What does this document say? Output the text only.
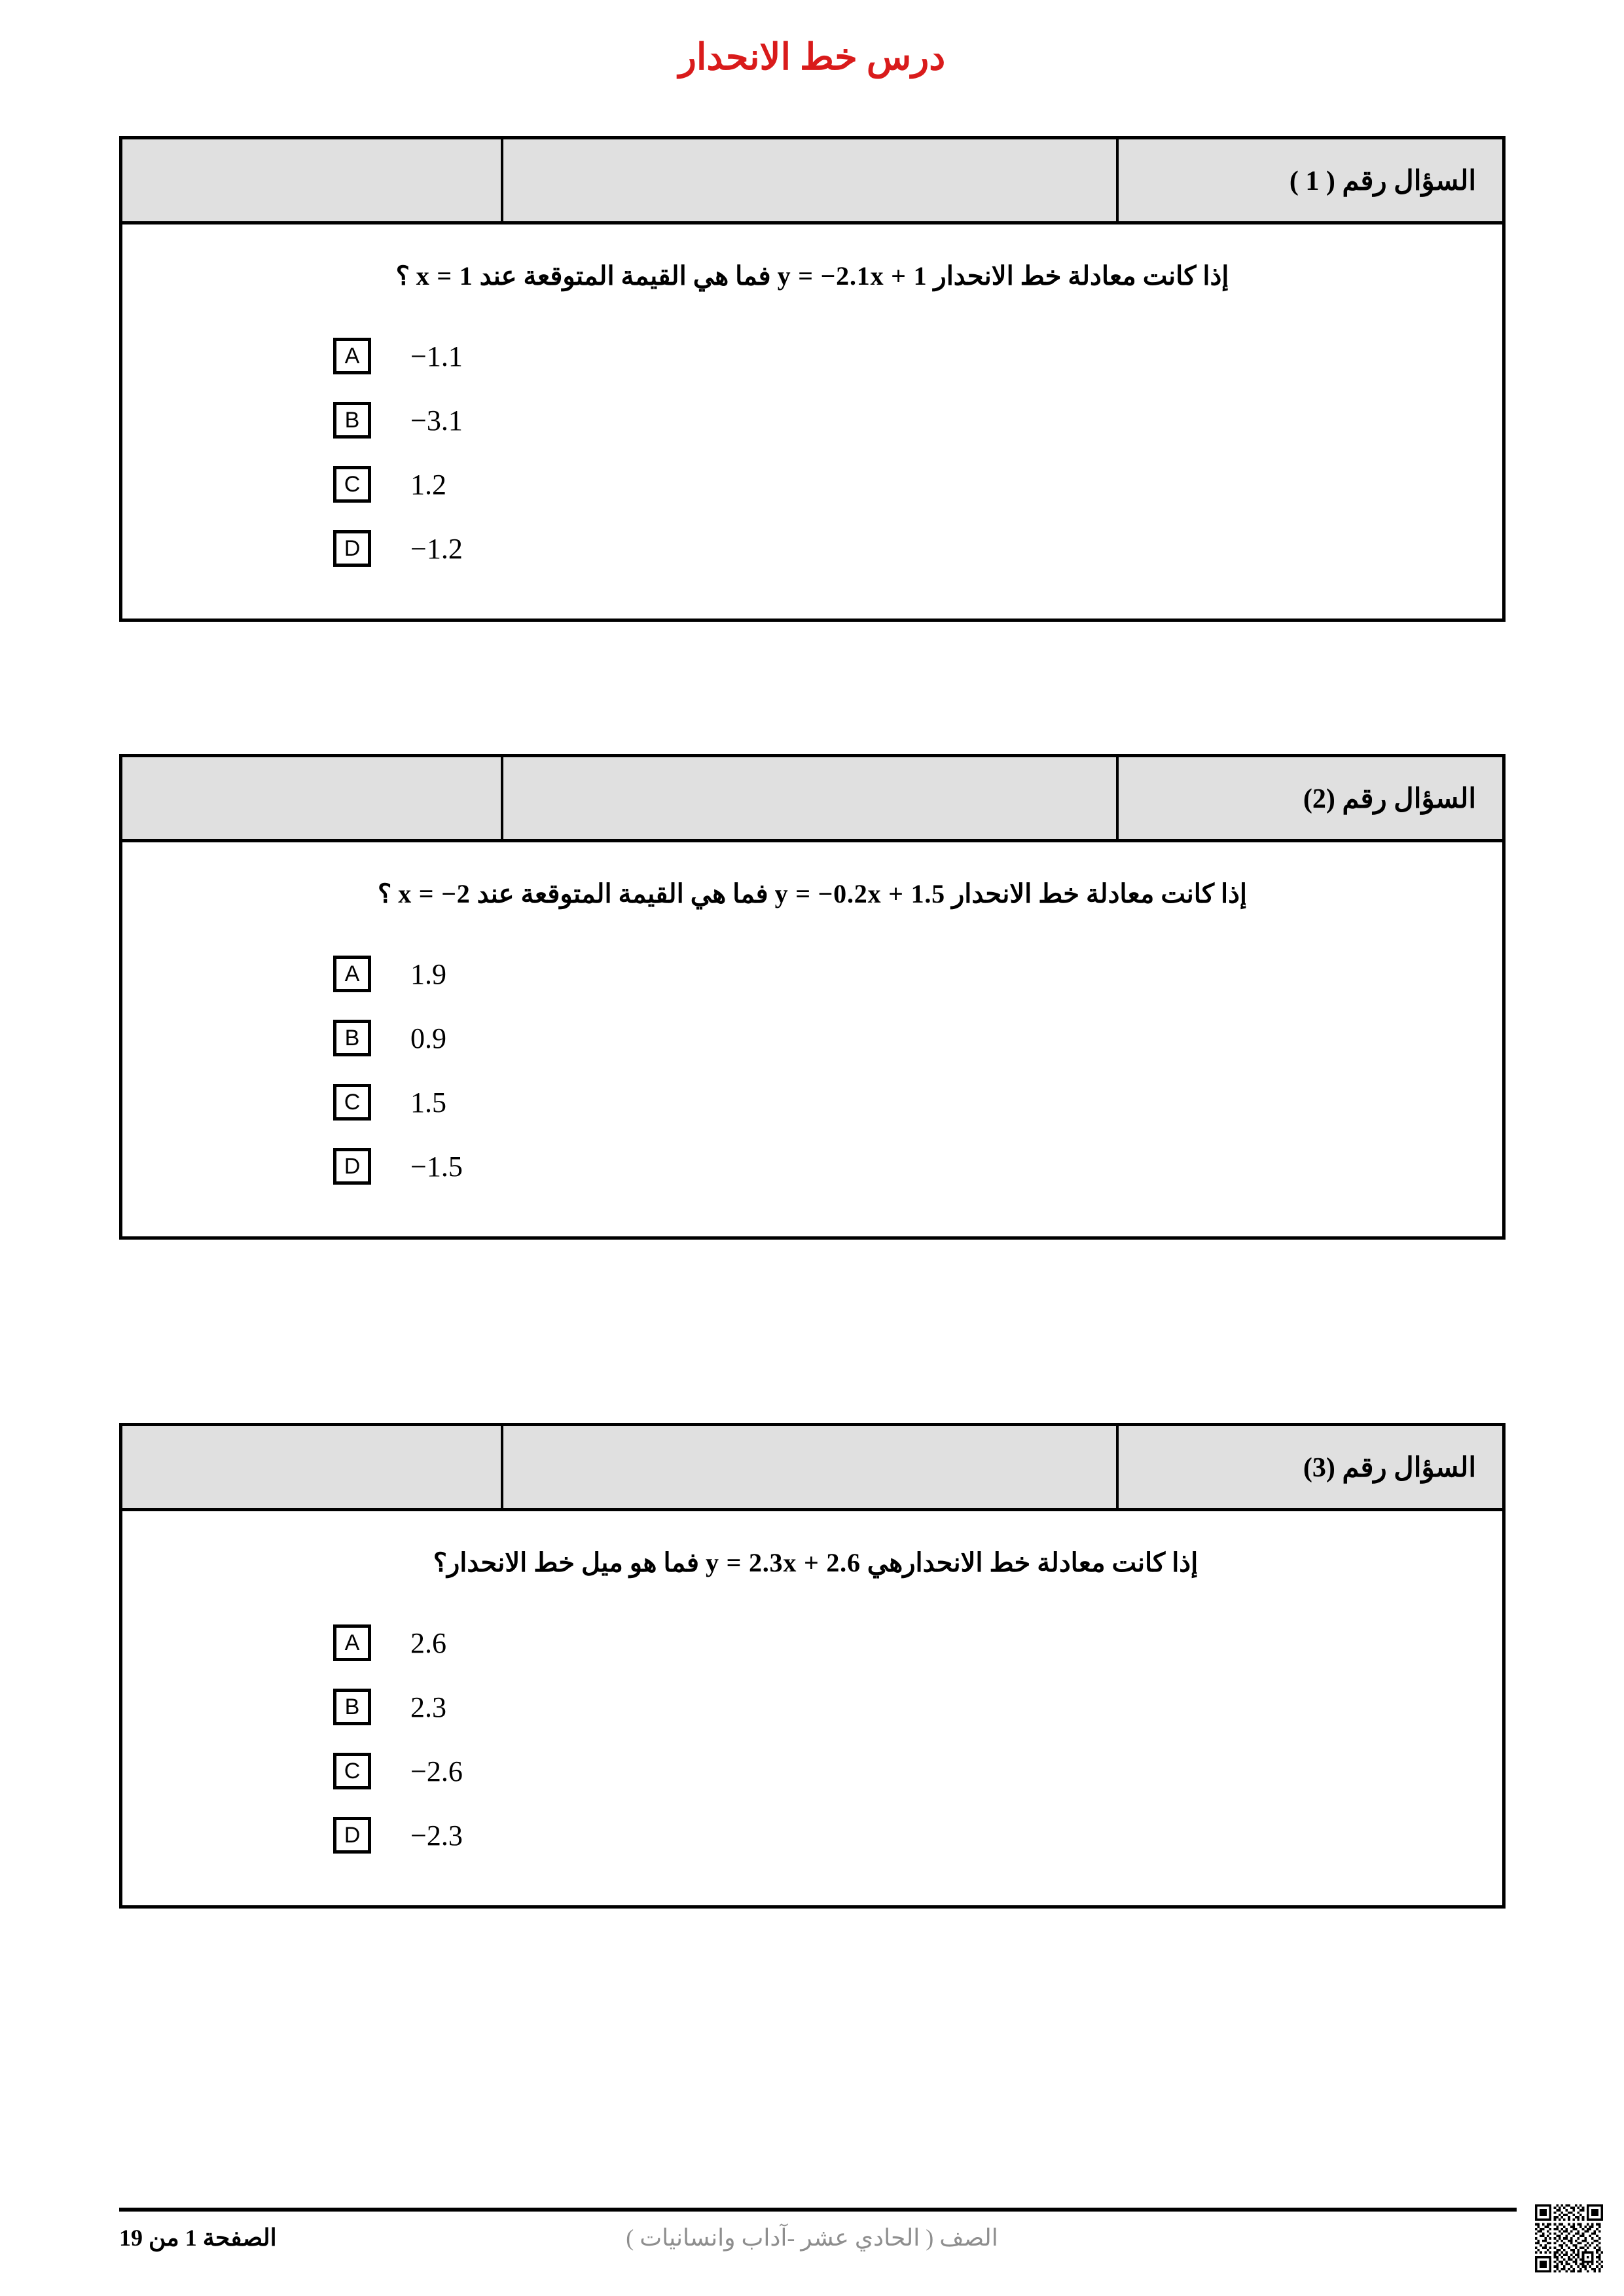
درس خط الانحدار
السؤال رقم ( 1 )
إذا كانت معادلة خط الانحدار y = −2.1x + 1 فما هي القيمة المتوقعة عند x = 1 ؟
A	−1.1
B	−3.1
C	1.2
D	−1.2
السؤال رقم (2)
إذا كانت معادلة خط الانحدار y = −0.2x + 1.5 فما هي القيمة المتوقعة عند x = −2 ؟
A	1.9
B	0.9
C	1.5
D	−1.5
السؤال رقم (3)
إذا كانت معادلة خط الانحدارهي y = 2.3x + 2.6 فما هو ميل خط الانحدار؟
A	2.6
B	2.3
C	−2.6
D	−2.3
الصفحة 1 من 19	الصف ( الحادي عشر -آداب وانسانيات )
